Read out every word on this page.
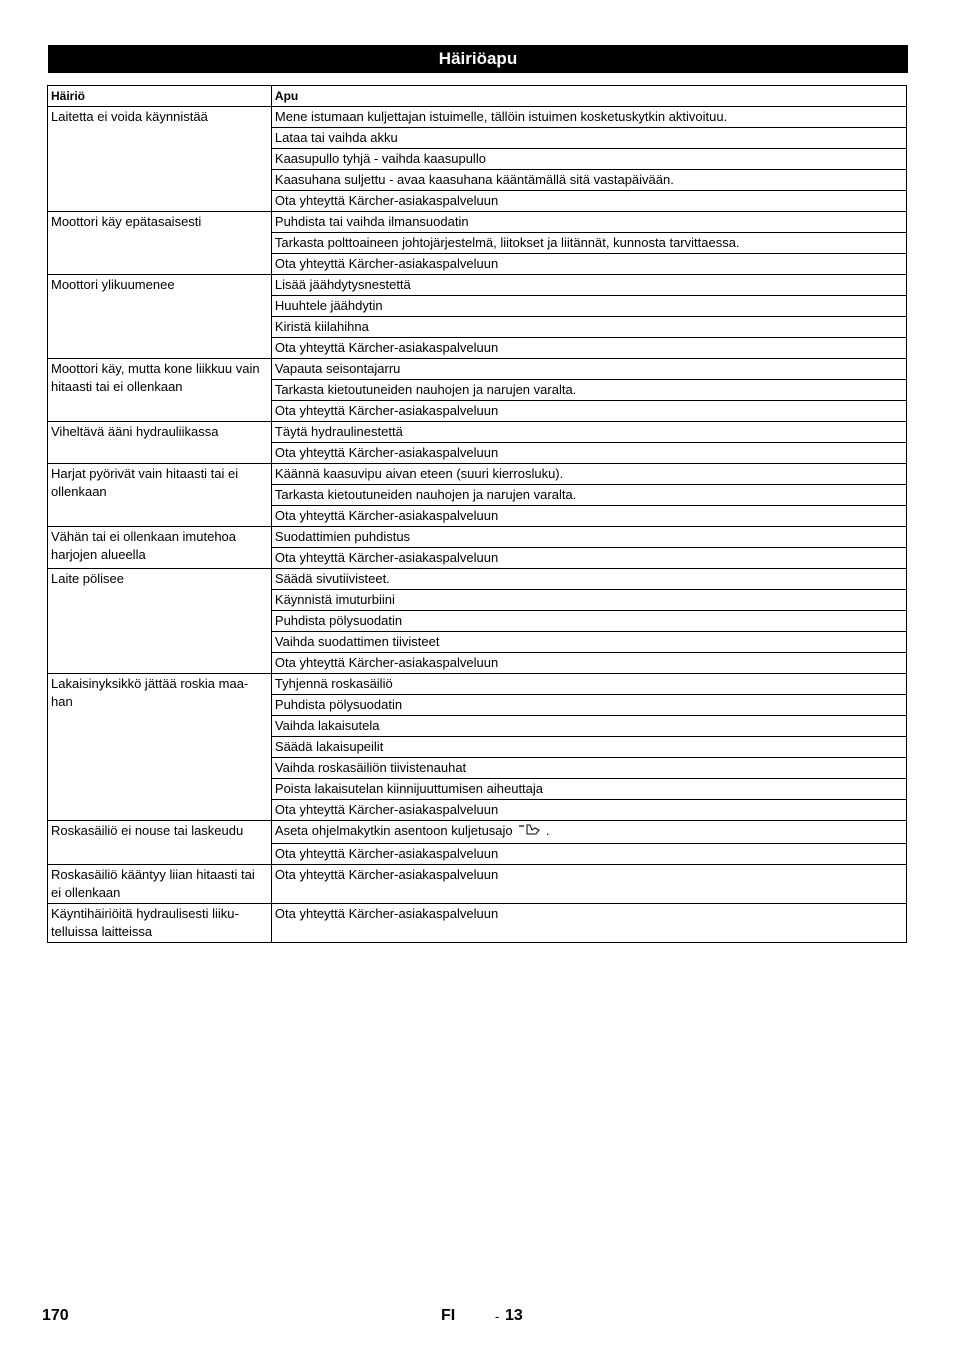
Häiriöapu
Häiriö	Apu
Laitetta ei voida käynnistää	Mene istumaan kuljettajan istuimelle, tällöin istuimen kosketuskytkin aktivoituu.
	Lataa tai vaihda akku
	Kaasupullo tyhjä - vaihda kaasupullo
	Kaasuhana suljettu - avaa kaasuhana kääntämällä sitä vastapäivään.
	Ota yhteyttä Kärcher-asiakaspalveluun
Moottori käy epätasaisesti	Puhdista tai vaihda ilmansuodatin
	Tarkasta polttoaineen johtojärjestelmä, liitokset ja liitännät, kunnosta tarvittaessa.
	Ota yhteyttä Kärcher-asiakaspalveluun
Moottori ylikuumenee	Lisää jäähdytysnestettä
	Huuhtele jäähdytin
	Kiristä kiilahihna
	Ota yhteyttä Kärcher-asiakaspalveluun
Moottori käy, mutta kone liikkuu vain hitaasti tai ei ollenkaan	Vapauta seisontajarru
	Tarkasta kietoutuneiden nauhojen ja narujen varalta.
	Ota yhteyttä Kärcher-asiakaspalveluun
Viheltävä ääni hydrauliikassa	Täytä hydraulinestettä
	Ota yhteyttä Kärcher-asiakaspalveluun
Harjat pyörivät vain hitaasti tai ei ollenkaan	Käännä kaasuvipu aivan eteen (suuri kierrosluku).
	Tarkasta kietoutuneiden nauhojen ja narujen varalta.
	Ota yhteyttä Kärcher-asiakaspalveluun
Vähän tai ei ollenkaan imutehoa harjojen alueella	Suodattimien puhdistus
	Ota yhteyttä Kärcher-asiakaspalveluun
Laite pölisee	Säädä sivutiivisteet.
	Käynnistä imuturbiini
	Puhdista pölysuodatin
	Vaihda suodattimen tiivisteet
	Ota yhteyttä Kärcher-asiakaspalveluun
Lakaisinyksikkö jättää roskia maa-
han	Tyhjennä roskasäiliö
	Puhdista pölysuodatin
	Vaihda lakaisutela
	Säädä lakaisupeilit
	Vaihda roskasäiliön tiivistenauhat
	Poista lakaisutelan kiinnijuuttumisen aiheuttaja
	Ota yhteyttä Kärcher-asiakaspalveluun
Roskasäiliö ei nouse tai laskeudu	Aseta ohjelmakytkin asentoon kuljetusajo  .
	Ota yhteyttä Kärcher-asiakaspalveluun
Roskasäiliö kääntyy liian hitaasti tai ei ollenkaan	Ota yhteyttä Kärcher-asiakaspalveluun
Käyntihäiriöitä hydraulisesti liiku-
telluissa laitteissa	Ota yhteyttä Kärcher-asiakaspalveluun
170	FI	- 13
